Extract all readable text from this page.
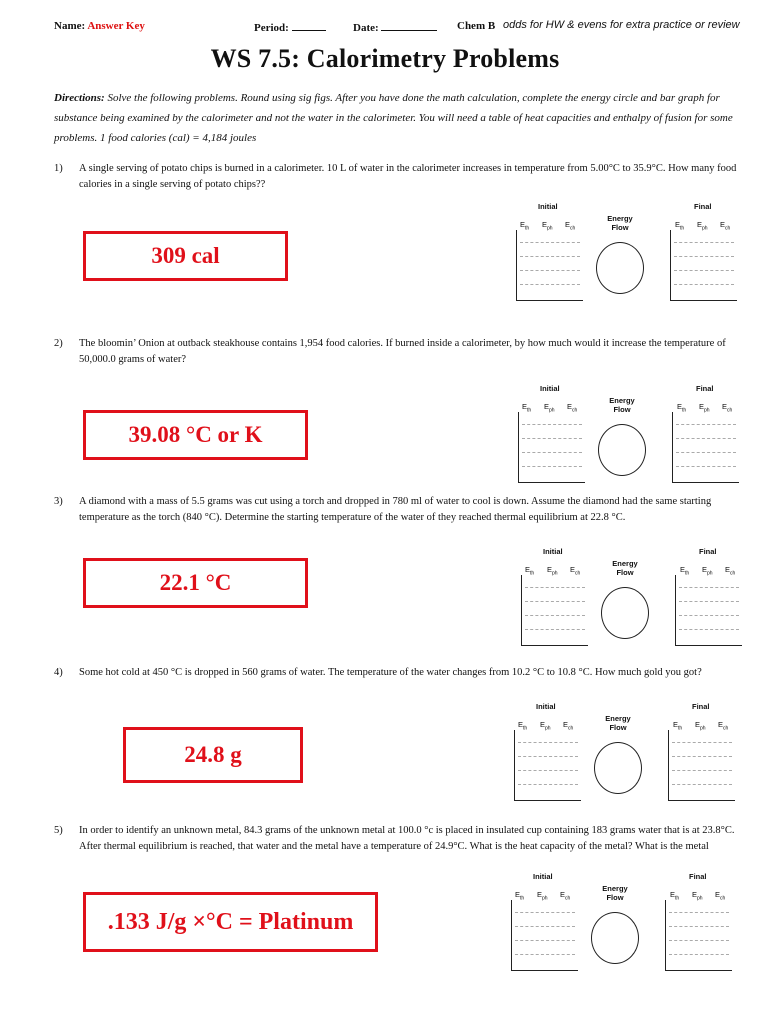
Name: Answer Key	Period:	Date:	Chem B odds for HW & evens for extra practice or review
WS 7.5: Calorimetry Problems
Directions: Solve the following problems. Round using sig figs. After you have done the math calculation, complete the energy circle and bar graph for substance being examined by the calorimeter and not the water in the calorimeter. You will need a table of heat capacities and enthalpy of fusion for some problems. 1 food calories (cal) = 4,184 joules
1) A single serving of potato chips is burned in a calorimeter. 10 L of water in the calorimeter increases in temperature from 5.00°C to 35.9°C. How many food calories in a single serving of potato chips??
309 cal
Initial	Final
Energy
Flow
$E_{th}$ $E_{ph}$ $E_{ch}$	$E_{th}$ $E_{ph}$ $E_{ch}$
2) The bloomin’ Onion at outback steakhouse contains 1,954 food calories. If burned inside a calorimeter, by how much would it increase the temperature of 50,000.0 grams of water?
39.08 °C or K
Initial	Final
Energy
Flow
$E_{th}$ $E_{ph}$ $E_{ch}$	$E_{th}$ $E_{ph}$ $E_{ch}$
3) A diamond with a mass of 5.5 grams was cut using a torch and dropped in 780 ml of water to cool is down. Assume the diamond had the same starting temperature as the torch (840 °C). Determine the starting temperature of the water of they reached thermal equilibrium at 22.8 °C.
22.1 °C
Initial	Final
Energy
Flow
$E_{th}$ $E_{ph}$ $E_{ch}$	$E_{th}$ $E_{ph}$ $E_{ch}$
4) Some hot cold at 450 °C is dropped in 560 grams of water. The temperature of the water changes from 10.2 °C to 10.8 °C. How much gold you got?
24.8 g
Initial	Final
Energy
Flow
$E_{th}$ $E_{ph}$ $E_{ch}$	$E_{th}$ $E_{ph}$ $E_{ch}$
5) In order to identify an unknown metal, 84.3 grams of the unknown metal at 100.0 °c is placed in insulated cup containing 183 grams water that is at 23.8°C. After thermal equilibrium is reached, that water and the metal have a temperature of 24.9°C. What is the heat capacity of the metal? What is the metal
.133 J/g ×°C = Platinum
Initial	Final
Energy
Flow
$E_{th}$ $E_{ph}$ $E_{ch}$	$E_{th}$ $E_{ph}$ $E_{ch}$
